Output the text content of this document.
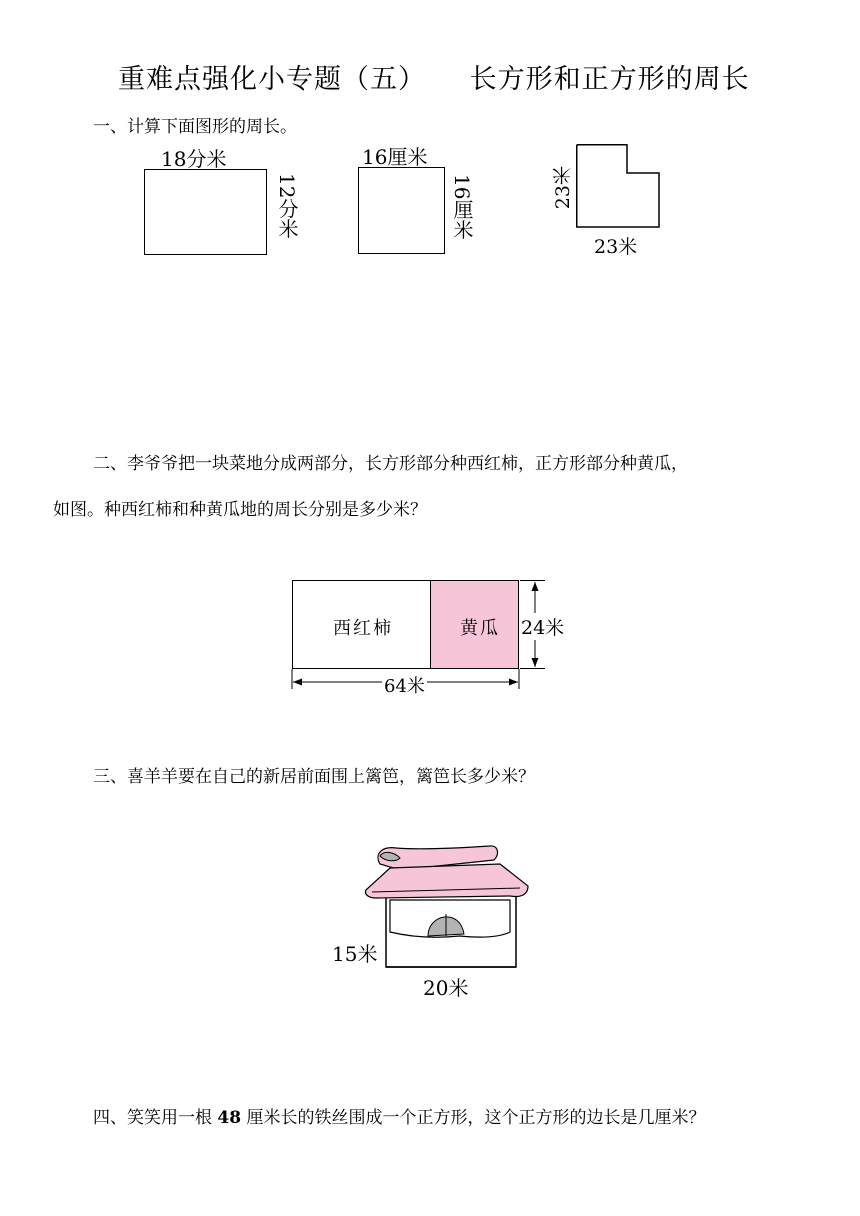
重难点强化小专题（五） 长方形和正方形的周长
一、计算下面图形的周长。
18分米
12分米
16厘米
16厘米	23米
23米
二、李爷爷把一块菜地分成两部分，长方形部分种西红柿，正方形部分种黄瓜，
如图。种西红柿和种黄瓜地的周长分别是多少米？
西红柿	黄瓜 24米
64米
三、喜羊羊要在自己的新居前面围上篱笆，篱笆长多少米？
15米
20米
四、笑笑用一根 48 厘米长的铁丝围成一个正方形，这个正方形的边长是几厘米？
